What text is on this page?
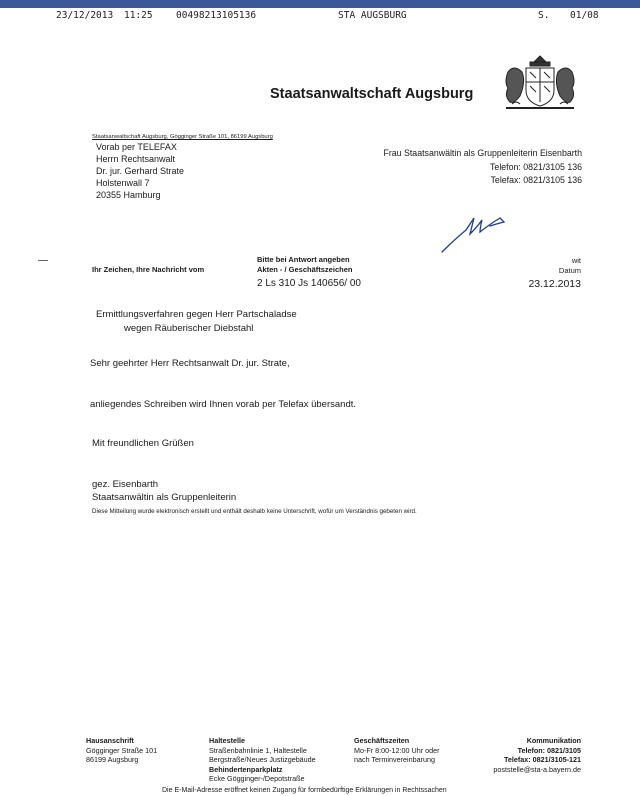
23/12/2013 11:25 00498213105136	STA AUGSBURG	S. 01/08
Staatsanwaltschaft Augsburg
Staatsanwaltschaft Augsburg, Gögginger Straße 101, 86199 Augsburg
Vorab per TELEFAX
Herrn Rechtsanwalt
Dr. jur. Gerhard Strate
Holstenwall 7
20355 Hamburg
Frau Staatsanwältin als Gruppenleiterin Eisenbarth
Telefon: 0821/3105 136
Telefax: 0821/3105 136
Ihr Zeichen, Ihre Nachricht vom
Bitte bei Antwort angeben
Akten - / Geschäftszeichen
2 Ls 310 Js 140656/ 00
wit
Datum
23.12.2013
Ermittlungsverfahren gegen Herr Partschaladse
wegen Räuberischer Diebstahl
Sehr geehrter Herr Rechtsanwalt Dr. jur. Strate,
anliegendes Schreiben wird Ihnen vorab per Telefax übersandt.
Mit freundlichen Grüßen
gez. Eisenbarth
Staatsanwältin als Gruppenleiterin
Diese Mitteilung wurde elektronisch erstellt und enthält deshalb keine Unterschrift, wofür um Verständnis gebeten wird.
Hausanschrift
Gögginger Straße 101
86199 Augsburg
Haltestelle
Straßenbahnlinie 1, Haltestelle
Bergstraße/Neues Justizgebäude
Behindertenparkplatz
Ecke Gögginger-/Depotstraße
Geschäftszeiten
Mo-Fr 8:00-12:00 Uhr oder
nach Terminvereinbarung
Kommunikation
Telefon: 0821/3105
Telefax: 0821/3105-121
poststelle@sta-a.bayern.de
Die E-Mail-Adresse eröffnet keinen Zugang für formbedürftige Erklärungen in Rechtssachen
